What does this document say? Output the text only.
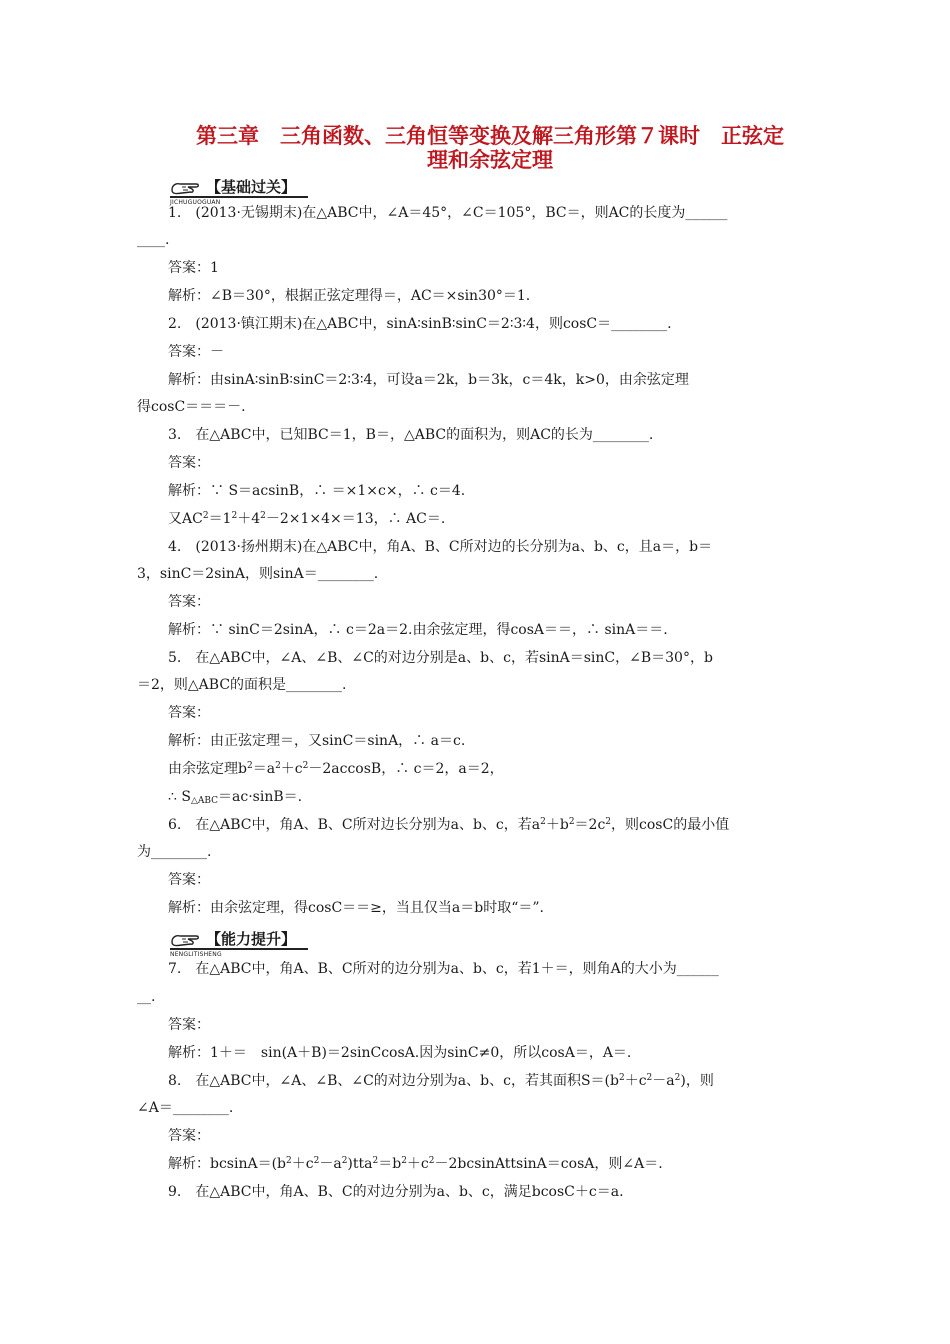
第三章　三角函数、三角恒等变换及解三角形第７课时　正弦定
理和余弦定理
【基础过关】
JICHUGUOGUAN
1.　(2013·无锡期末)在△ABC中，∠A＝45°，∠C＝105°，BC＝，则AC的长度为______
____.
答案：1
解析：∠B＝30°，根据正弦定理得＝，AC＝×sin30°＝1.
2.　(2013·镇江期末)在△ABC中，sinA∶sinB∶sinC＝2∶3∶4，则cosC＝________.
答案：－
解析：由sinA∶sinB∶sinC＝2∶3∶4，可设a＝2k，b＝3k，c＝4k，k>0，由余弦定理
得cosC＝＝＝－.
3.　在△ABC中，已知BC＝1，B＝，△ABC的面积为，则AC的长为________.
答案：
解析：∵ S＝acsinB，∴ ＝×1×c×，∴ c＝4.
又$AC^2=1^2+4^2-2\times 1\times 4\times=13$，∴ AC＝.
4.　(2013·扬州期末)在△ABC中，角A、B、C所对边的长分别为a、b、c，且a＝，b＝
3，sinC＝2sinA，则sinA＝________.
答案：
解析：∵ sinC＝2sinA，∴ c＝2a＝2.由余弦定理，得cosA＝＝，∴ sinA＝＝.
5.　在△ABC中，∠A、∠B、∠C的对边分别是a、b、c，若sinA＝sinC，∠B＝30°，b
＝2，则△ABC的面积是________.
答案：
解析：由正弦定理＝，又sinC＝sinA，∴ a＝c.
由余弦定理$b^2=a^2+c^2-2accosB$，∴ c＝2，a＝2，
∴ $S_{\triangle ABC}=ac\cdot\sin B=$.
6.　在△ABC中，角A、B、C所对边长分别为a、b、c，若$a^2+b^2=2c^2$，则cosC的最小值
为________.
答案：
解析：由余弦定理，得cosC＝＝≥，当且仅当a＝b时取“＝”.
【能力提升】
NENGLITISHENG
7.　在△ABC中，角A、B、C所对的边分别为a、b、c，若1＋＝，则角A的大小为______
__.
答案：
解析：1＋＝　sin(A＋B)＝2sinCcosA.因为sinC≠0，所以cosA＝，A＝.
8.　在△ABC中，∠A、∠B、∠C的对边分别为a、b、c，若其面积$S=(b^2+c^2-a^2)$，则
∠A＝________.
答案：
解析：$bcsinA=(b^2+c^2-a^2)tta^2=b^2+c^2-2bcsinAttsinA=\cos A$，则∠A＝.
9.　在△ABC中，角A、B、C的对边分别为a、b、c，满足bcosC＋c＝a.
